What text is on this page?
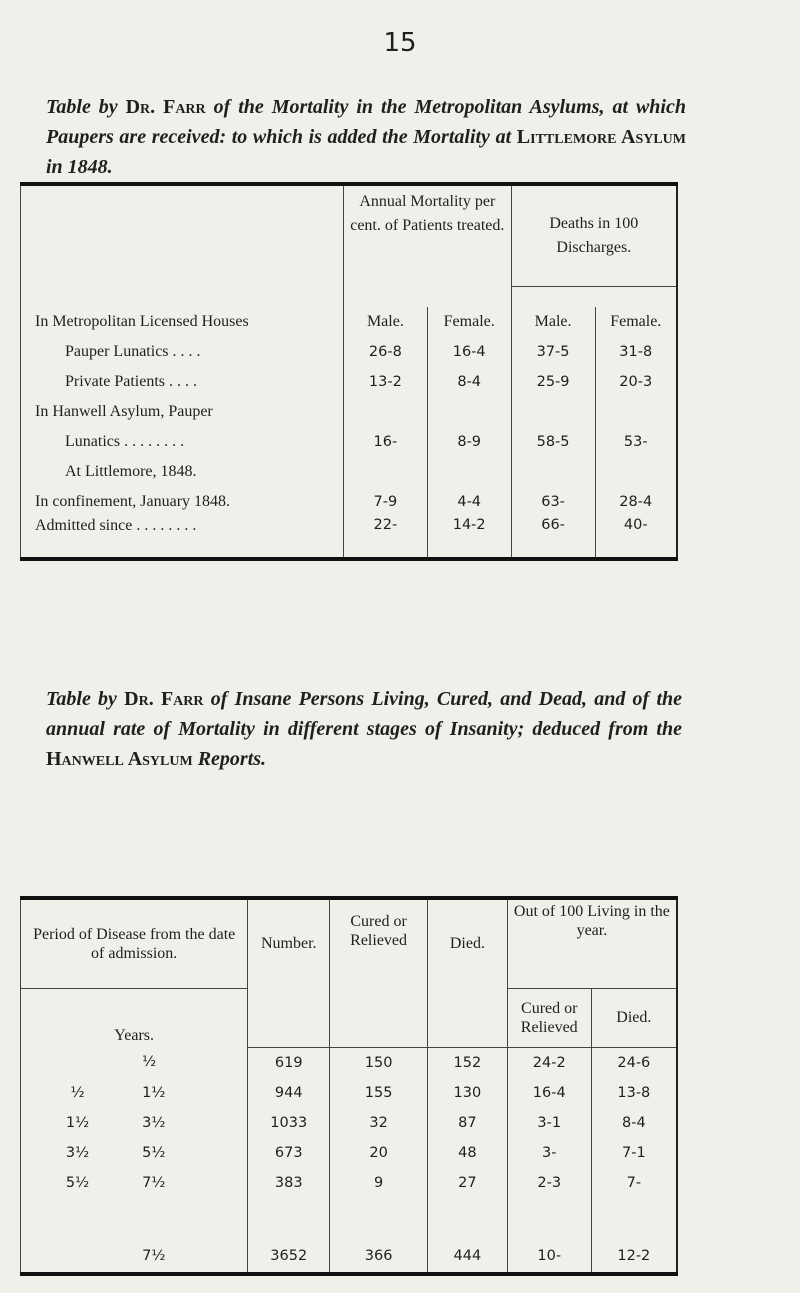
15
Table by Dr. Farr of the Mortality in the Metropolitan Asylums, at which Paupers are received: to which is added the Mortality at Littlemore Asylum in 1848.
	Annual Mortality per cent. of Patients treated.		Deaths in 100 Discharges.	

In Metropolitan Licensed Houses	Male.	Female.	Male.	Female.
Pauper Lunatics . . . .	26-8	16-4	37-5	31-8
Private Patients . . . .	13-2	8-4	25-9	20-3
In Hanwell Asylum, Pauper				
Lunatics . . . . . . . .	16-	8-9	58-5	53-
At Littlemore, 1848.				
In confinement, January 1848.	7-9	4-4	63-	28-4
Admitted since . . . . . . . .	22-	14-2	66-	40-
Table by Dr. Farr of Insane Persons Living, Cured, and Dead, and of the annual rate of Mortality in different stages of Insanity; deduced from the Hanwell Asylum Reports.
Period of Disease from the date of admission.		Number.	Cured or Relieved	Died.	Out of 100 Living in the year.	
Years.					Cured or Relieved	Died.
	½	619	150	152	24-2	24-6
½	1½	944	155	130	16-4	13-8
1½	3½	1033	32	87	3-1	8-4
3½	5½	673	20	48	3-	7-1
5½	7½	383	9	27	2-3	7-
	7½	3652	366	444	10-	12-2
